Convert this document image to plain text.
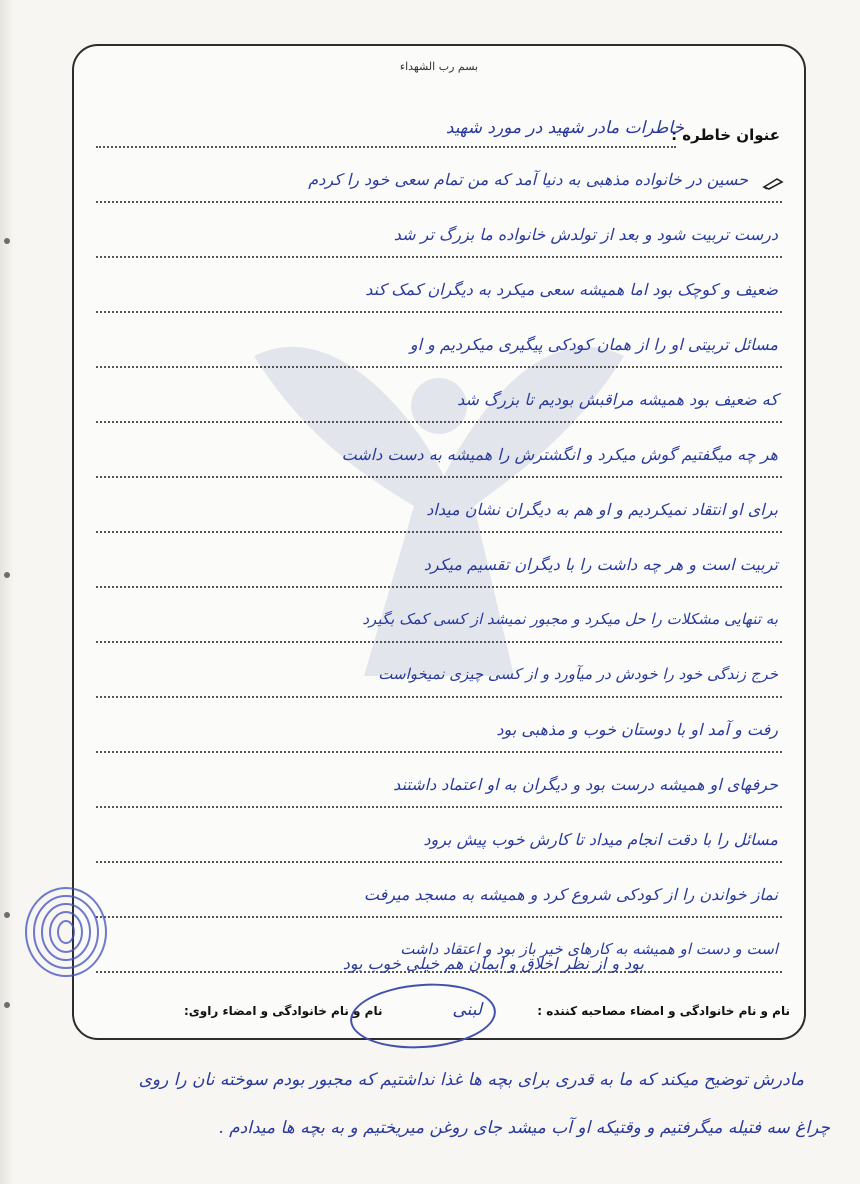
بسم رب الشهداء
عنوان خاطره :
خاطرات مادر شهید در مورد شهید
حسین در خانواده مذهبی به دنیا آمد که من تمام سعی خود را کردم
درست تربیت شود و بعد از تولدش خانواده ما بزرگ تر شد
ضعیف و کوچک بود اما همیشه سعی میکرد به دیگران کمک کند
مسائل تربیتی او را از همان کودکی پیگیری میکردیم و او
که ضعیف بود همیشه مراقبش بودیم تا بزرگ شد
هر چه میگفتیم گوش میکرد و انگشترش را همیشه به دست داشت
برای او انتقاد نمیکردیم و او هم به دیگران نشان میداد
تربیت است و هر چه داشت را با دیگران تقسیم میکرد
به تنهایی مشکلات را حل میکرد و مجبور نمیشد از کسی کمک بگیرد
خرج زندگی خود را خودش در میآورد و از کسی چیزی نمیخواست
رفت و آمد او با دوستان خوب و مذهبی بود
حرفهای او همیشه درست بود و دیگران به او اعتماد داشتند
مسائل را با دقت انجام میداد تا کارش خوب پیش برود
نماز خواندن را از کودکی شروع کرد و همیشه به مسجد میرفت
است و دست او همیشه به کارهای خیر باز بود و اعتقاد داشت
بود و از نظر اخلاق و ایمان هم خیلی خوب بود
نام و نام خانوادگی و امضاء مصاحبه کننده :
لبنی
نام و نام خانوادگی و امضاء راوی:
مادرش توضیح میکند که ما به قدری برای بچه ها غذا نداشتیم که مجبور بودم سوخته نان را روی
چراغ سه فتیله میگرفتیم و وقتیکه او آب میشد جای روغن میریختیم و به بچه ها میدادم .
